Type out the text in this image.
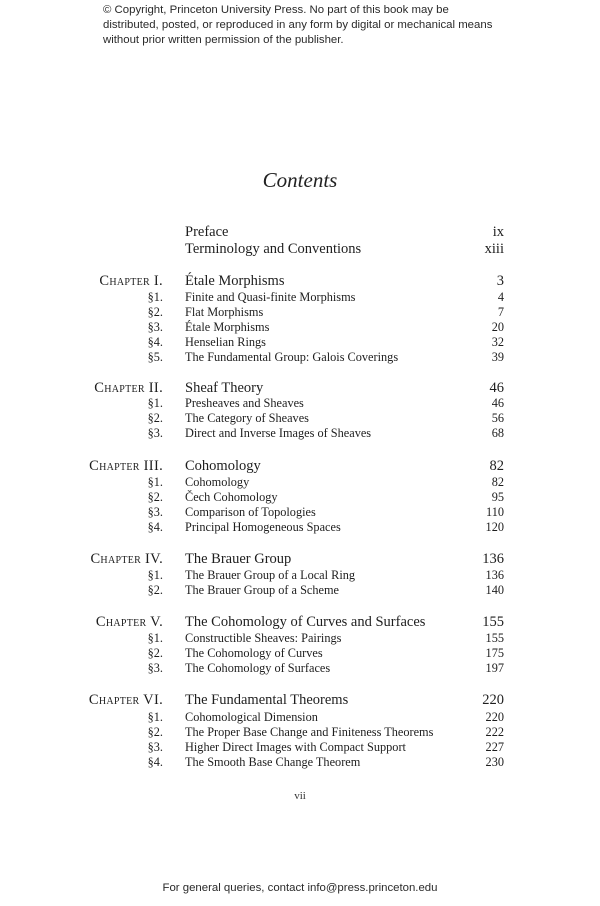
© Copyright, Princeton University Press. No part of this book may be distributed, posted, or reproduced in any form by digital or mechanical means without prior written permission of the publisher.
Contents
Preface	ix
Terminology and Conventions	xiii
Chapter I. Étale Morphisms	3
§1. Finite and Quasi-finite Morphisms	4
§2. Flat Morphisms	7
§3. Étale Morphisms	20
§4. Henselian Rings	32
§5. The Fundamental Group: Galois Coverings	39
Chapter II. Sheaf Theory	46
§1. Presheaves and Sheaves	46
§2. The Category of Sheaves	56
§3. Direct and Inverse Images of Sheaves	68
Chapter III. Cohomology	82
§1. Cohomology	82
§2. Čech Cohomology	95
§3. Comparison of Topologies	110
§4. Principal Homogeneous Spaces	120
Chapter IV. The Brauer Group	136
§1. The Brauer Group of a Local Ring	136
§2. The Brauer Group of a Scheme	140
Chapter V. The Cohomology of Curves and Surfaces	155
§1. Constructible Sheaves: Pairings	155
§2. The Cohomology of Curves	175
§3. The Cohomology of Surfaces	197
Chapter VI. The Fundamental Theorems	220
§1. Cohomological Dimension	220
§2. The Proper Base Change and Finiteness Theorems	222
§3. Higher Direct Images with Compact Support	227
§4. The Smooth Base Change Theorem	230
vii
For general queries, contact info@press.princeton.edu
